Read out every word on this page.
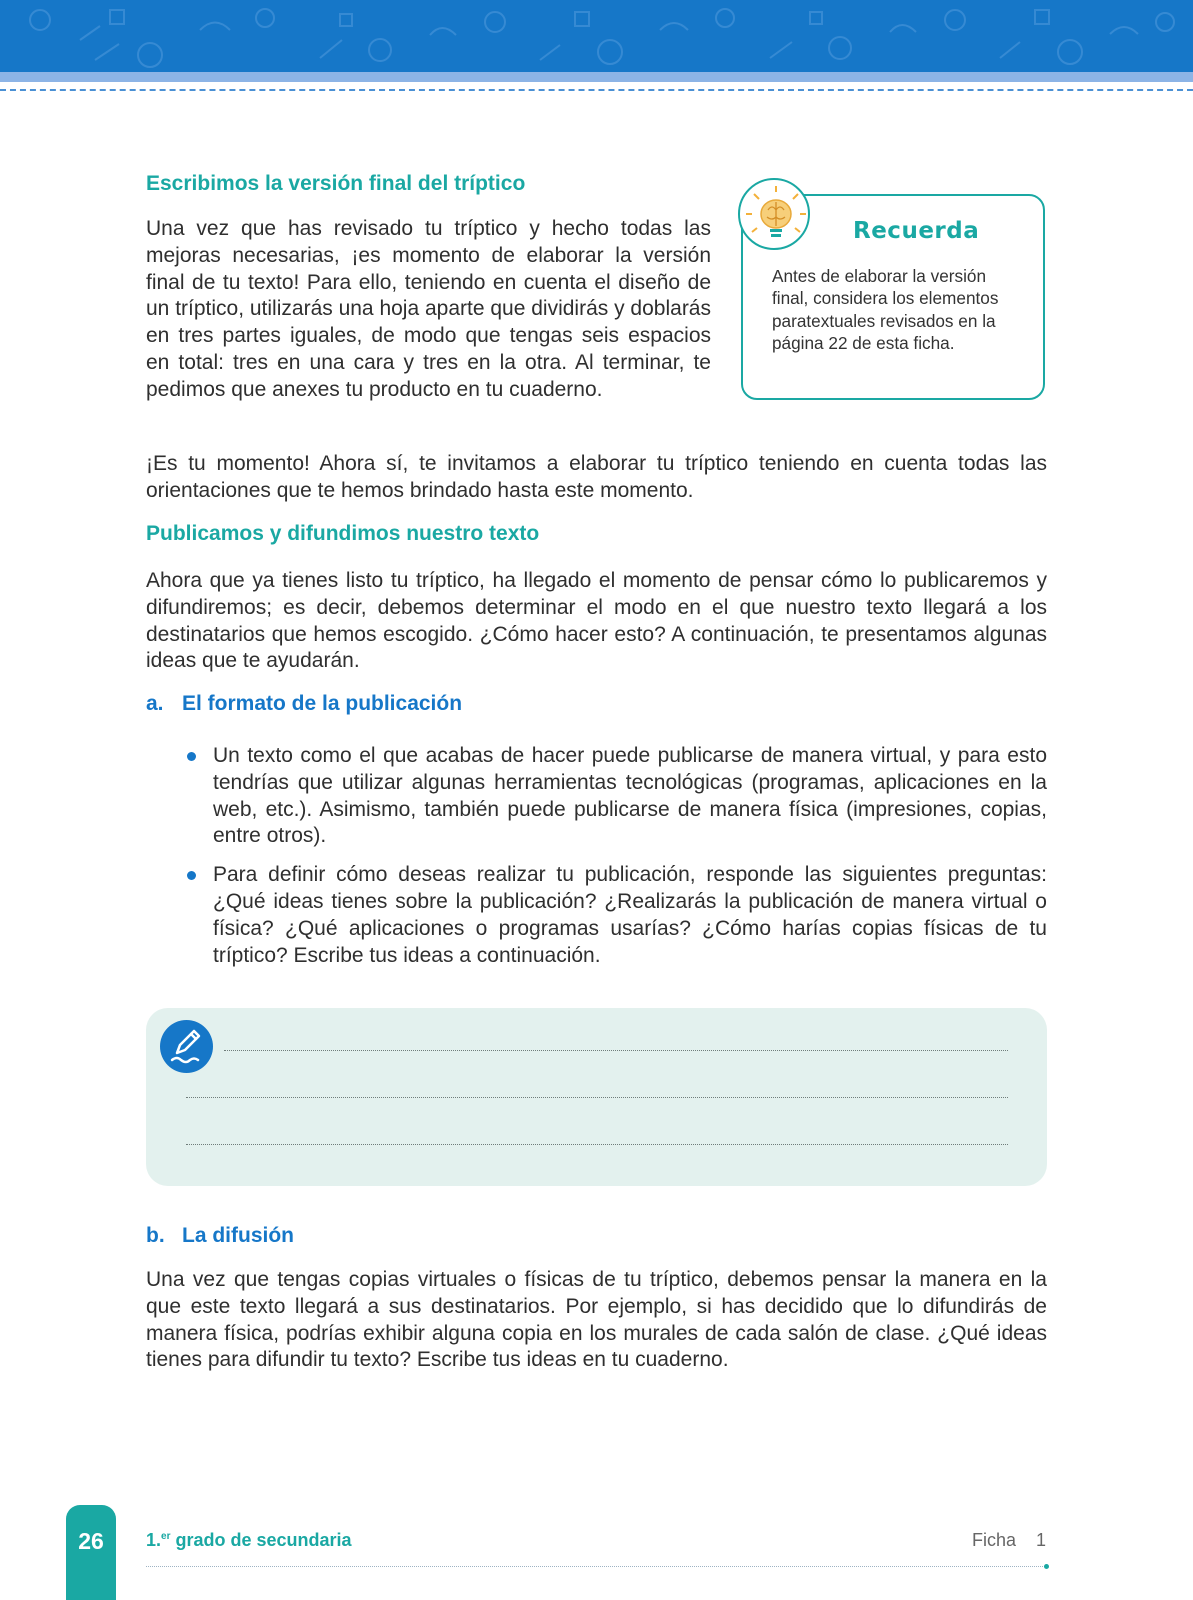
Escribimos la versión final del tríptico

Una vez que has revisado tu tríptico y hecho todas las mejoras necesarias, ¡es momento de elaborar la versión final de tu texto! Para ello, teniendo en cuenta el diseño de un tríptico, utilizarás una hoja aparte que dividirás y doblarás en tres partes iguales, de modo que tengas seis espacios en total: tres en una cara y tres en la otra. Al terminar, te pedimos que anexes tu producto en tu cuaderno.

Recuerda
Antes de elaborar la versión final, considera los elementos paratextuales revisados en la página 22 de esta ficha.

¡Es tu momento! Ahora sí, te invitamos a elaborar tu tríptico teniendo en cuenta todas las orientaciones que te hemos brindado hasta este momento.

Publicamos y difundimos nuestro texto

Ahora que ya tienes listo tu tríptico, ha llegado el momento de pensar cómo lo publicaremos y difundiremos; es decir, debemos determinar el modo en el que nuestro texto llegará a los destinatarios que hemos escogido. ¿Cómo hacer esto? A continuación, te presentamos algunas ideas que te ayudarán.

a. El formato de la publicación
Un texto como el que acabas de hacer puede publicarse de manera virtual, y para esto tendrías que utilizar algunas herramientas tecnológicas (programas, aplicaciones en la web, etc.). Asimismo, también puede publicarse de manera física (impresiones, copias, entre otros).
Para definir cómo deseas realizar tu publicación, responde las siguientes preguntas: ¿Qué ideas tienes sobre la publicación? ¿Realizarás la publicación de manera virtual o física? ¿Qué aplicaciones o programas usarías? ¿Cómo harías copias físicas de tu tríptico? Escribe tus ideas a continuación.
b. La difusión

Una vez que tengas copias virtuales o físicas de tu tríptico, debemos pensar la manera en la que este texto llegará a sus destinatarios. Por ejemplo, si has decidido que lo difundirás de manera física, podrías exhibir alguna copia en los murales de cada salón de clase. ¿Qué ideas tienes para difundir tu texto? Escribe tus ideas en tu cuaderno.

26	1.$^{er}$ grado de secundaria	Ficha 1
